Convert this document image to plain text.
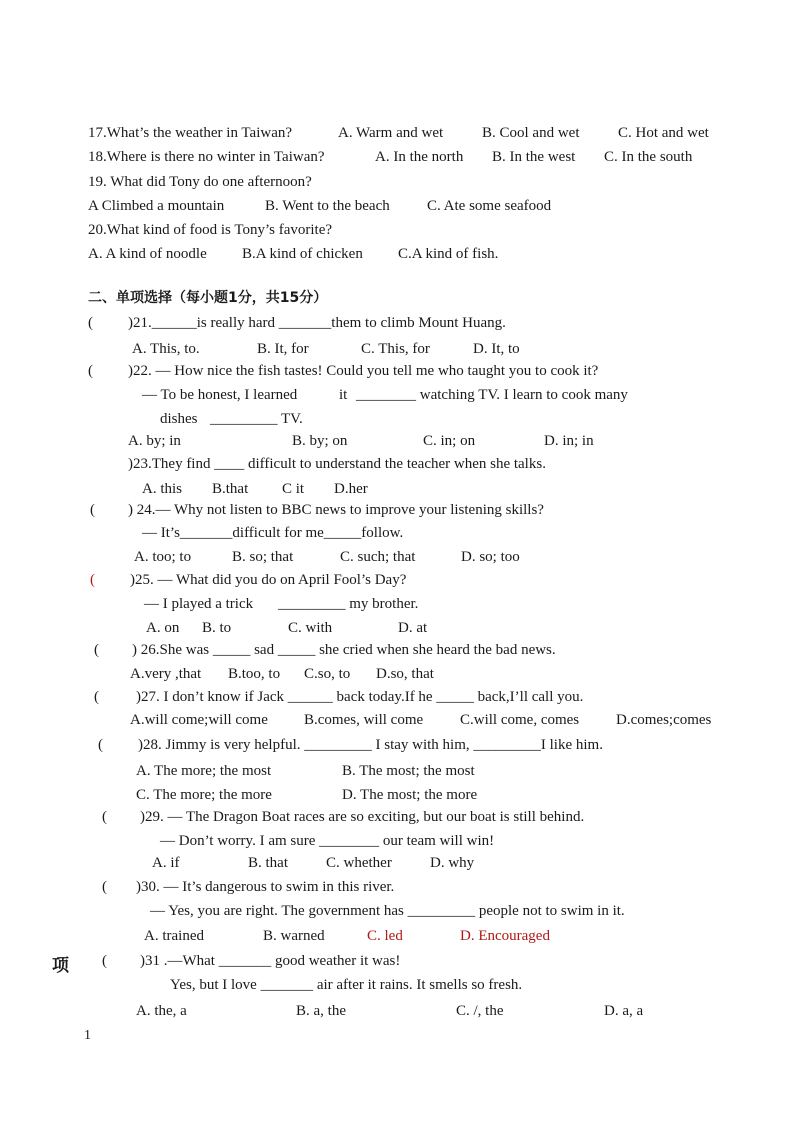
17.What’s the weather in Taiwan?	A. Warm and wet	B. Cool and wet	C. Hot and wet
18.Where is there no winter in Taiwan?	A. In the north B. In the west C. In the south
19. What did Tony do one afternoon?
A Climbed a mountain	B. Went to the beach C. Ate some seafood
20.What kind of food is Tony’s favorite?
A. A kind of noodle B.A kind of chicken C.A kind of fish.
二、单项选择（每小题1分，共15分）
( )21.______is really hard _______them to climb Mount Huang.
A. This, to.	B. It, for	C. This, for	D. It, to
( )22. — How nice the fish tastes! Could you tell me who taught you to cook it?
— To be honest, I learned	it ________ watching TV. I learn to cook many
dishes _________ TV.
A. by; in	B. by; on	C. in; on	D. in; in
)23.They find ____ difficult to understand the teacher when she talks.
A. this B.that C it D.her
( ) 24.— Why not listen to BBC news to improve your listening skills?
— It’s_______difficult for me_____follow.
A. too; to	B. so; that	C. such; that	D. so; too
( )25. — What did you do on April Fool’s Day?
— I played a trick _________ my brother.
A. on B. to	C. with	D. at
( ) 26.She was _____ sad _____ she cried when she heard the bad news.
A.very ,that B.too, to C.so, to D.so, that
( )27. I don’t know if Jack ______ back today.If he _____ back,I’ll call you.
A.will come;will come B.comes, will come C.will come, comes D.comes;comes
( )28. Jimmy is very helpful. _________ I stay with him, _________I like him.
A. The more; the most	B. The most; the most
C. The more; the more	D. The most; the more
( )29. — The Dragon Boat races are so exciting, but our boat is still behind.
— Don’t worry. I am sure ________ our team will win!
A. if	B. that	C. whether	D. why
( )30. — It’s dangerous to swim in this river.
— Yes, you are right. The government has _________ people not to swim in it.
A. trained	B. warned	C. led	D. Encouraged
项 ( )31 .—What _______ good weather it was!
Yes, but I love _______ air after it rains. It smells so fresh.
A. the, a	B. a, the	C. /, the	D. a, a
1
